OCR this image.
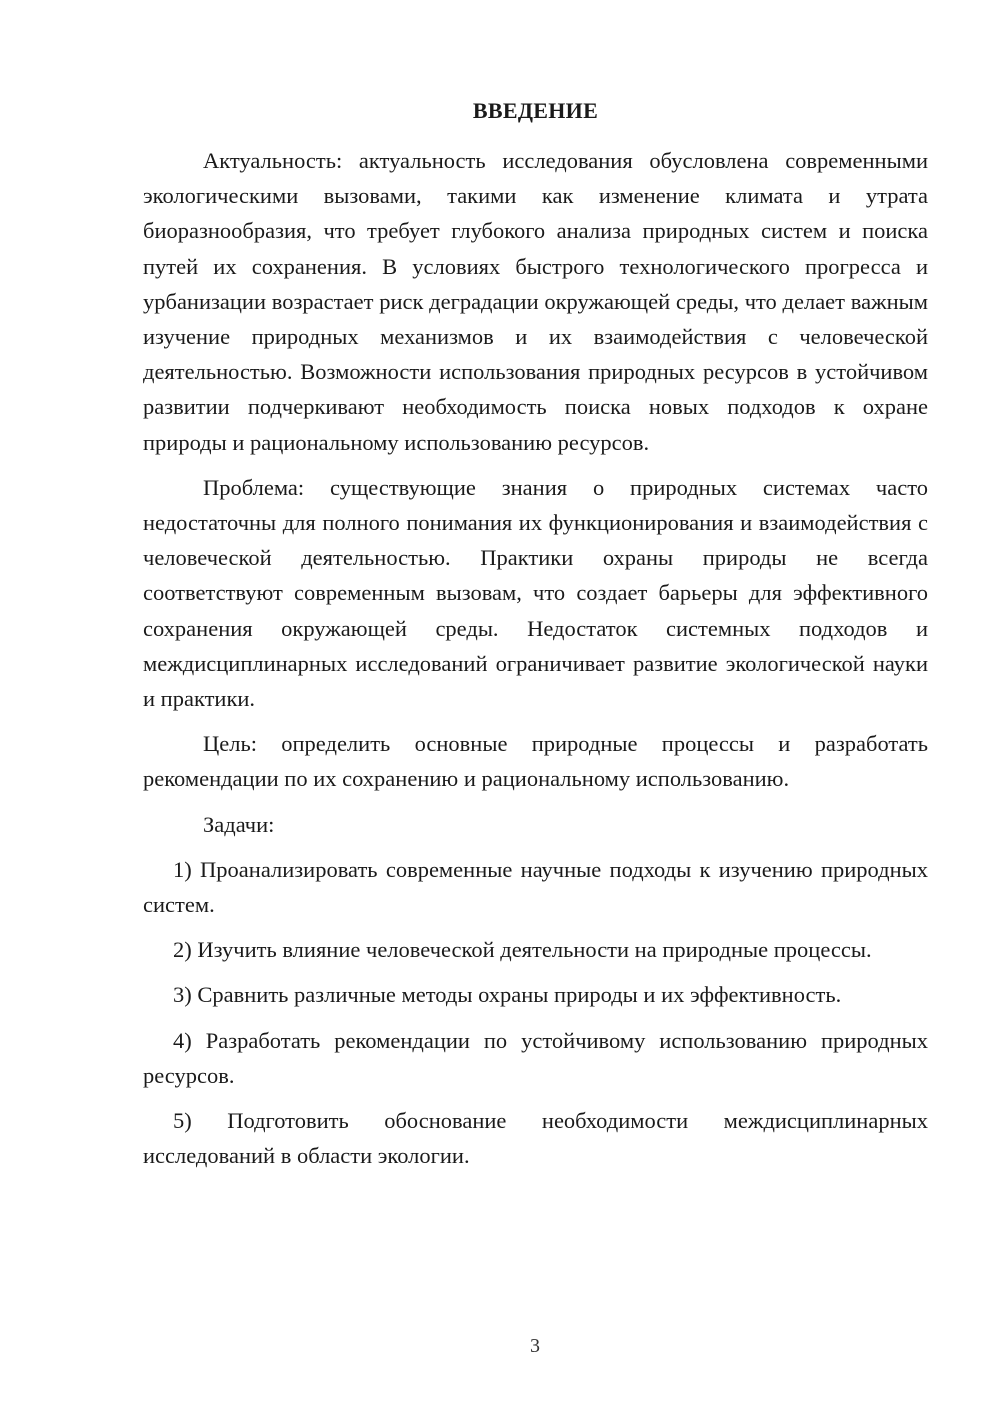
ВВЕДЕНИЕ

Актуальность: актуальность исследования обусловлена современными экологическими вызовами, такими как изменение климата и утрата биоразнообразия, что требует глубокого анализа природных систем и поиска путей их сохранения. В условиях быстрого технологического прогресса и урбанизации возрастает риск деградации окружающей среды, что делает важным изучение природных механизмов и их взаимодействия с человеческой деятельностью. Возможности использования природных ресурсов в устойчивом развитии подчеркивают необходимость поиска новых подходов к охране природы и рациональному использованию ресурсов.

Проблема: существующие знания о природных системах часто недостаточны для полного понимания их функционирования и взаимодействия с человеческой деятельностью. Практики охраны природы не всегда соответствуют современным вызовам, что создает барьеры для эффективного сохранения окружающей среды. Недостаток системных подходов и междисциплинарных исследований ограничивает развитие экологической науки и практики.

Цель: определить основные природные процессы и разработать рекомендации по их сохранению и рациональному использованию.

Задачи:

1) Проанализировать современные научные подходы к изучению природных систем.

2) Изучить влияние человеческой деятельности на природные процессы.

3) Сравнить различные методы охраны природы и их эффективность.

4) Разработать рекомендации по устойчивому использованию природных ресурсов.

5) Подготовить обоснование необходимости междисциплинарных исследований в области экологии.

3
